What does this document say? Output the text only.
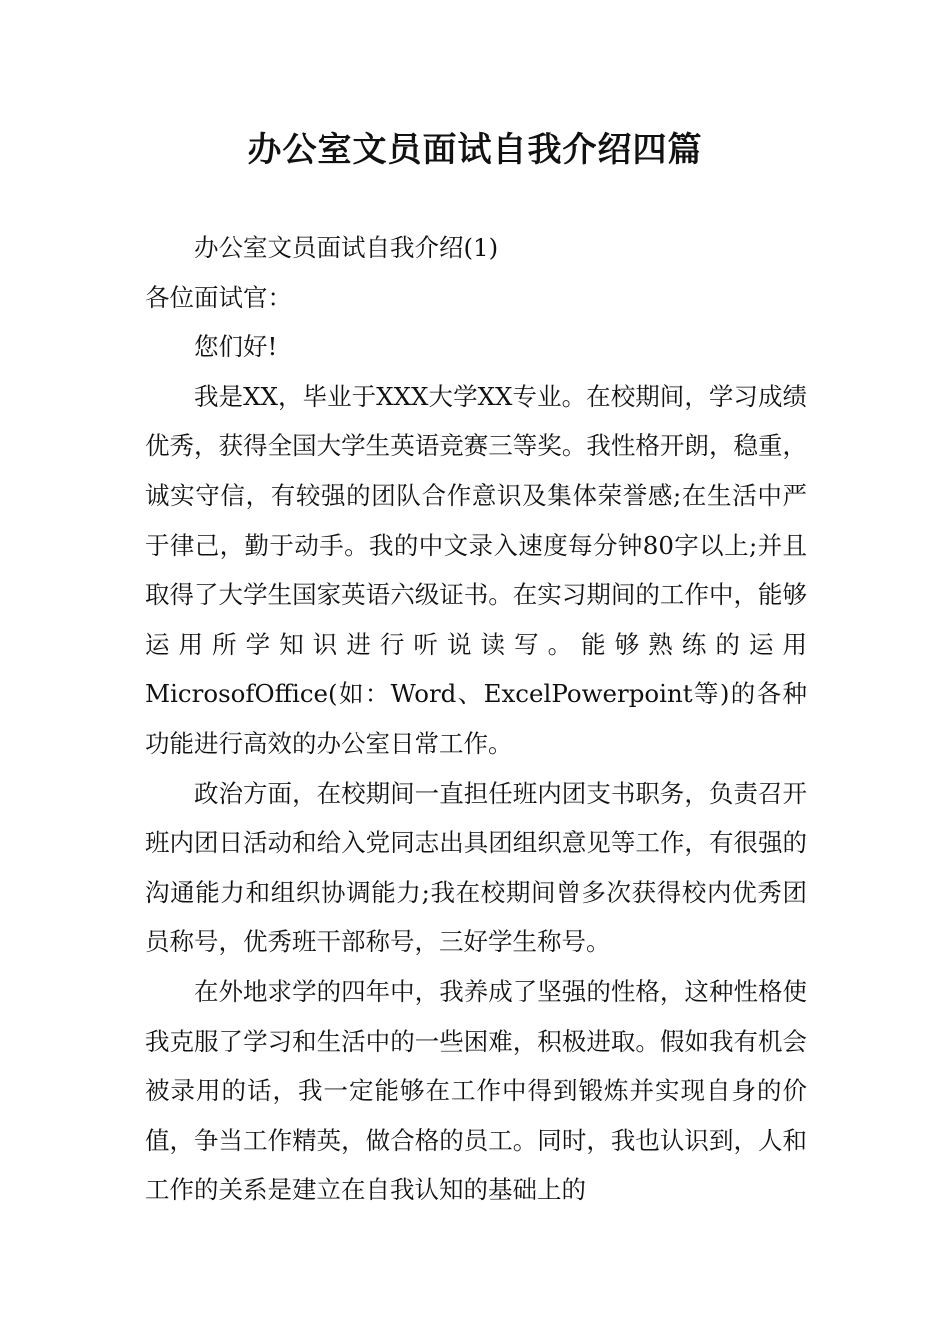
办公室文员面试自我介绍四篇

办公室文员面试自我介绍(1)

各位面试官：

您们好!

我是XX，毕业于XXX大学XX专业。在校期间，学习成绩优秀，获得全国大学生英语竞赛三等奖。我性格开朗，稳重，诚实守信，有较强的团队合作意识及集体荣誉感;在生活中严于律己，勤于动手。我的中文录入速度每分钟80字以上;并且取得了大学生国家英语六级证书。在实习期间的工作中，能够运用所学知识进行听说读写。能够熟练的运用MicrosofOffice(如：Word、ExcelPowerpoint等)的各种功能进行高效的办公室日常工作。

政治方面，在校期间一直担任班内团支书职务，负责召开班内团日活动和给入党同志出具团组织意见等工作，有很强的沟通能力和组织协调能力;我在校期间曾多次获得校内优秀团员称号，优秀班干部称号，三好学生称号。

在外地求学的四年中，我养成了坚强的性格，这种性格使我克服了学习和生活中的一些困难，积极进取。假如我有机会被录用的话，我一定能够在工作中得到锻炼并实现自身的价值，争当工作精英，做合格的员工。同时，我也认识到，人和工作的关系是建立在自我认知的基础上的
